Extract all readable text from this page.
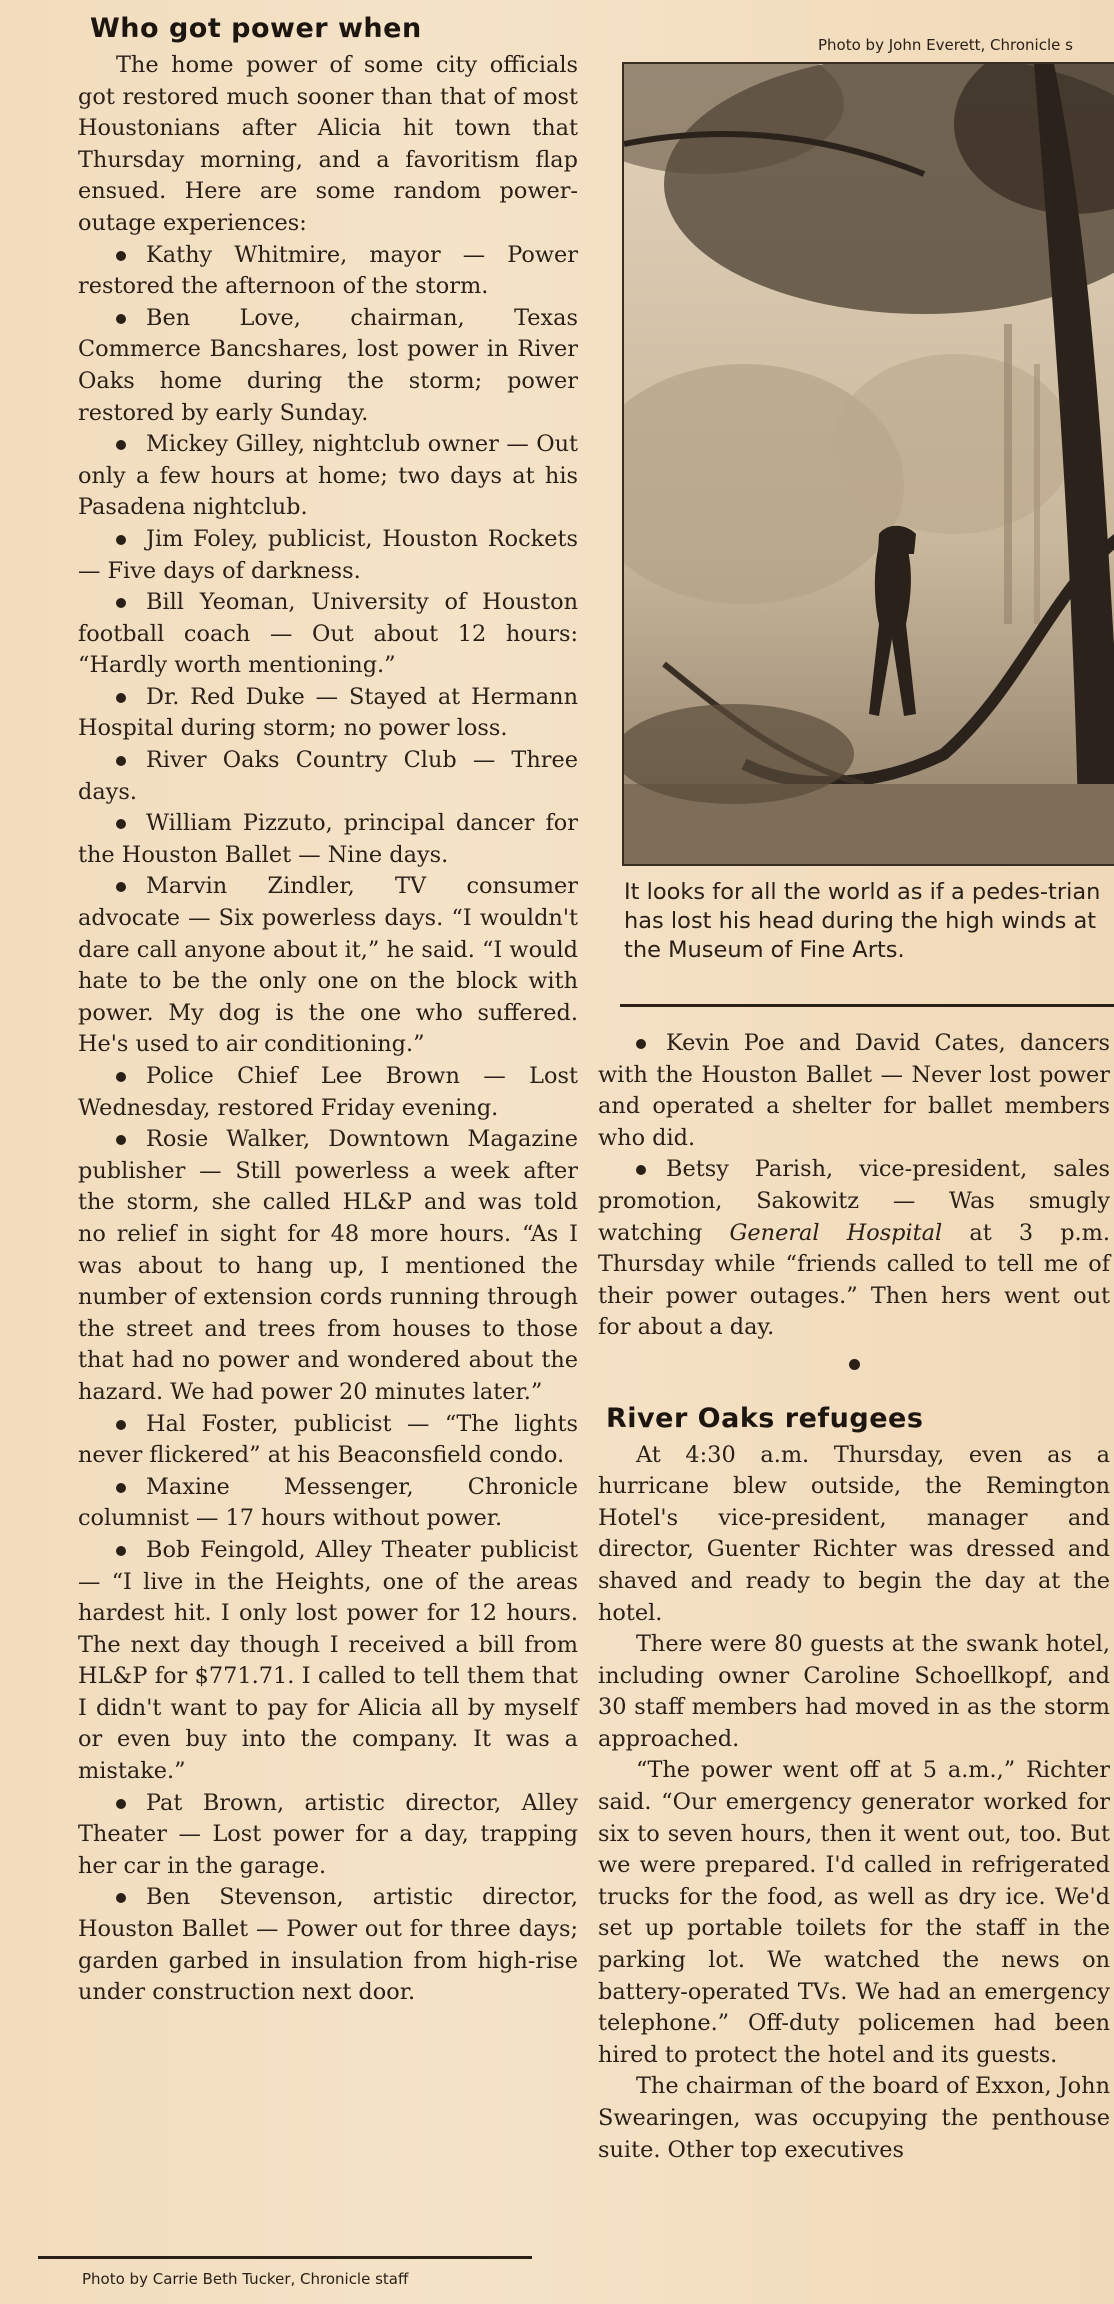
Who got power when

The home power of some city officials got restored much sooner than that of most Houstonians after Alicia hit town that Thursday morning, and a favoritism flap ensued. Here are some random power-outage experiences:

Kathy Whitmire, mayor — Power restored the afternoon of the storm.

Ben Love, chairman, Texas Commerce Bancshares, lost power in River Oaks home during the storm; power restored by early Sunday.

Mickey Gilley, nightclub owner — Out only a few hours at home; two days at his Pasadena nightclub.

Jim Foley, publicist, Houston Rockets — Five days of darkness.

Bill Yeoman, University of Houston football coach — Out about 12 hours: “Hardly worth mentioning.”

Dr. Red Duke — Stayed at Hermann Hospital during storm; no power loss.

River Oaks Country Club — Three days.

William Pizzuto, principal dancer for the Houston Ballet — Nine days.

Marvin Zindler, TV consumer advocate — Six powerless days. “I wouldn't dare call anyone about it,” he said. “I would hate to be the only one on the block with power. My dog is the one who suffered. He's used to air conditioning.”

Police Chief Lee Brown — Lost Wednesday, restored Friday evening.

Rosie Walker, Downtown Magazine publisher — Still powerless a week after the storm, she called HL&P and was told no relief in sight for 48 more hours. “As I was about to hang up, I mentioned the number of extension cords running through the street and trees from houses to those that had no power and wondered about the hazard. We had power 20 minutes later.”

Hal Foster, publicist — “The lights never flickered” at his Beaconsfield condo.

Maxine Messenger, Chronicle columnist — 17 hours without power.

Bob Feingold, Alley Theater publicist — “I live in the Heights, one of the areas hardest hit. I only lost power for 12 hours. The next day though I received a bill from HL&P for $771.71. I called to tell them that I didn't want to pay for Alicia all by myself or even buy into the company. It was a mistake.”

Pat Brown, artistic director, Alley Theater — Lost power for a day, trapping her car in the garage.

Ben Stevenson, artistic director, Houston Ballet — Power out for three days; garden garbed in insulation from high-rise under construction next door.

Photo by John Everett, Chronicle s
It looks for all the world as if a pedes-trian has lost his head during the high winds at the Museum of Fine Arts.

Kevin Poe and David Cates, dancers with the Houston Ballet — Never lost power and operated a shelter for ballet members who did.

Betsy Parish, vice-president, sales promotion, Sakowitz — Was smugly watching General Hospital at 3 p.m. Thursday while “friends called to tell me of their power outages.” Then hers went out for about a day.

River Oaks refugees

At 4:30 a.m. Thursday, even as a hurricane blew outside, the Remington Hotel's vice-president, manager and director, Guenter Richter was dressed and shaved and ready to begin the day at the hotel.

There were 80 guests at the swank hotel, including owner Caroline Schoellkopf, and 30 staff members had moved in as the storm approached.

“The power went off at 5 a.m.,” Richter said. “Our emergency generator worked for six to seven hours, then it went out, too. But we were prepared. I'd called in refrigerated trucks for the food, as well as dry ice. We'd set up portable toilets for the staff in the parking lot. We watched the news on battery-operated TVs. We had an emergency telephone.” Off-duty policemen had been hired to protect the hotel and its guests.

The chairman of the board of Exxon, John Swearingen, was occupying the penthouse suite. Other top executives

Photo by Carrie Beth Tucker, Chronicle staff
